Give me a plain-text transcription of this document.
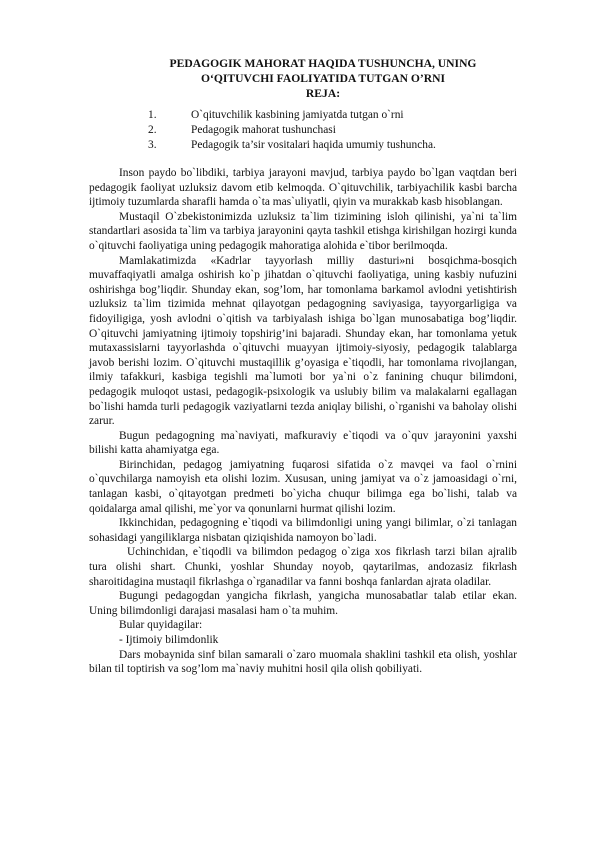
PEDAGOGIK MAHORAT HAQIDA TUSHUNCHA, UNING
O‘QITUVCHI FAOLIYATIDA TUTGAN O’RNI
REJA:
1.	O`qituvchilik kasbining jamiyatda tutgan o`rni
2.	Pedagogik mahorat tushunchasi
3.	Pedagogik ta’sir vositalari haqida umumiy tushuncha.

Inson paydo bo`libdiki, tarbiya jarayoni mavjud, tarbiya paydo bo`lgan vaqtdan beri pedagogik faoliyat uzluksiz davom etib kelmoqda. O`qituvchilik, tarbiyachilik kasbi barcha ijtimoiy tuzumlarda sharafli hamda o`ta mas`uliyatli, qiyin va murakkab kasb hisoblangan.

Mustaqil O`zbekistonimizda uzluksiz ta`lim tizimining isloh qilinishi, ya`ni ta`lim standartlari asosida ta`lim va tarbiya jarayonini qayta tashkil etishga kirishilgan hozirgi kunda o`qituvchi faoliyatiga uning pedagogik mahoratiga alohida e`tibor berilmoqda.

Mamlakatimizda «Kadrlar tayyorlash milliy dasturi»ni bosqichma-bosqich muvaffaqiyatli amalga oshirish ko`p jihatdan o`qituvchi faoliyatiga, uning kasbiy nufuzini oshirishga bog’liqdir. Shunday ekan, sog’lom, har tomonlama barkamol avlodni yetishtirish uzluksiz ta`lim tizimida mehnat qilayotgan pedagogning saviyasiga, tayyorgarligiga va fidoyiligiga, yosh avlodni o`qitish va tarbiyalash ishiga bo`lgan munosabatiga bog’liqdir. O`qituvchi jamiyatning ijtimoiy topshirig’ini bajaradi. Shunday ekan, har tomonlama yetuk mutaxassislarni tayyorlashda o`qituvchi muayyan ijtimoiy-siyosiy, pedagogik talablarga javob berishi lozim. O`qituvchi mustaqillik g’oyasiga e`tiqodli, har tomonlama rivojlangan, ilmiy tafakkuri, kasbiga tegishli ma`lumoti bor ya`ni o`z fanining chuqur bilimdoni, pedagogik muloqot ustasi, pedagogik-psixologik va uslubiy bilim va malakalarni egallagan bo`lishi hamda turli pedagogik vaziyatlarni tezda aniqlay bilishi, o`rganishi va baholay olishi zarur.

Bugun pedagogning ma`naviyati, mafkuraviy e`tiqodi va o`quv jarayonini yaxshi bilishi katta ahamiyatga ega.

Birinchidan, pedagog jamiyatning fuqarosi sifatida o`z mavqei va faol o`rnini o`quvchilarga namoyish eta olishi lozim. Xususan, uning jamiyat va o`z jamoasidagi o`rni, tanlagan kasbi, o`qitayotgan predmeti bo`yicha chuqur bilimga ega bo`lishi, talab va qoidalarga amal qilishi, me`yor va qonunlarni hurmat qilishi lozim.

Ikkinchidan, pedagogning e`tiqodi va bilimdonligi uning yangi bilimlar, o`zi tanlagan sohasidagi yangiliklarga nisbatan qiziqishida namoyon bo`ladi.

Uchinchidan, e`tiqodli va bilimdon pedagog o`ziga xos fikrlash tarzi bilan ajralib tura olishi shart. Chunki, yoshlar Shunday noyob, qaytarilmas, andozasiz fikrlash sharoitidagina mustaqil fikrlashga o`rganadilar va fanni boshqa fanlardan ajrata oladilar.

Bugungi pedagogdan yangicha fikrlash, yangicha munosabatlar talab etilar ekan. Uning bilimdonligi darajasi masalasi ham o`ta muhim.

Bular quyidagilar:

- Ijtimoiy bilimdonlik

Dars mobaynida sinf bilan samarali o`zaro muomala shaklini tashkil eta olish, yoshlar bilan til toptirish va sog’lom ma`naviy muhitni hosil qila olish qobiliyati.
